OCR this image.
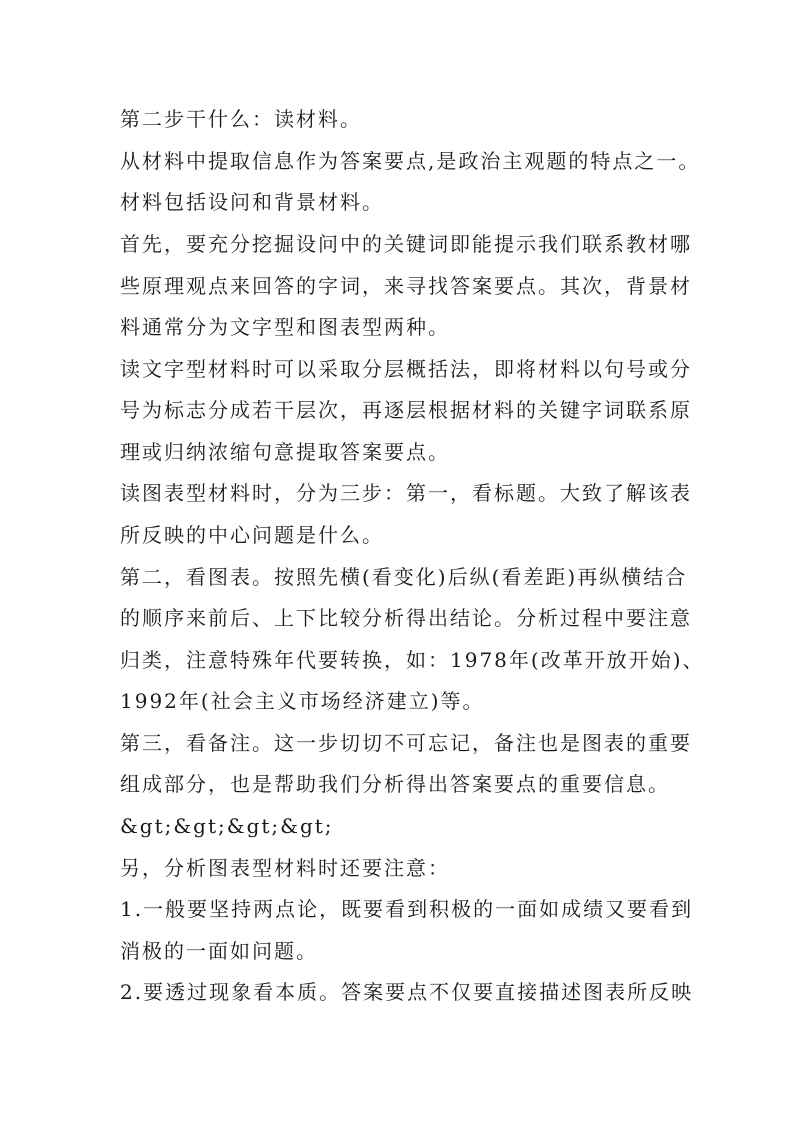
第二步干什么：读材料。

从材料中提取信息作为答案要点,是政治主观题的特点之一。

材料包括设问和背景材料。

首先，要充分挖掘设问中的关键词即能提示我们联系教材哪

些原理观点来回答的字词，来寻找答案要点。其次，背景材

料通常分为文字型和图表型两种。

读文字型材料时可以采取分层概括法，即将材料以句号或分

号为标志分成若干层次，再逐层根据材料的关键字词联系原

理或归纳浓缩句意提取答案要点。

读图表型材料时，分为三步：第一，看标题。大致了解该表

所反映的中心问题是什么。

第二，看图表。按照先横(看变化)后纵(看差距)再纵横结合

的顺序来前后、上下比较分析得出结论。分析过程中要注意

归类，注意特殊年代要转换，如：1978年(改革开放开始)、

1992年(社会主义市场经济建立)等。

第三，看备注。这一步切切不可忘记，备注也是图表的重要

组成部分，也是帮助我们分析得出答案要点的重要信息。

&gt;&gt;&gt;&gt;

另，分析图表型材料时还要注意：

1.一般要坚持两点论，既要看到积极的一面如成绩又要看到

消极的一面如问题。

2.要透过现象看本质。答案要点不仅要直接描述图表所反映
